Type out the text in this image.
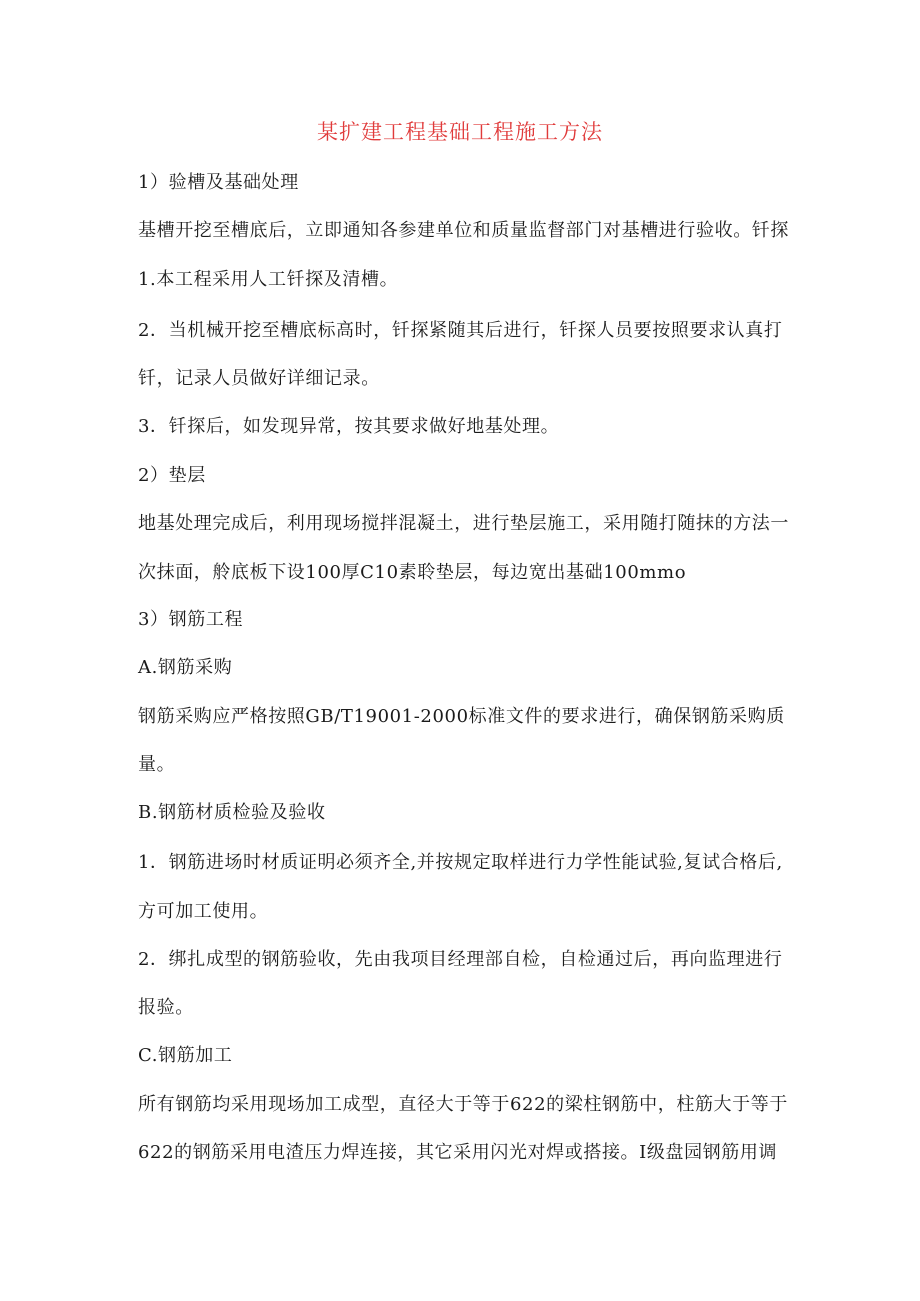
某扩建工程基础工程施工方法

1）验槽及基础处理

基槽开挖至槽底后，立即通知各参建单位和质量监督部门对基槽进行验收。钎探

1.本工程采用人工钎探及清槽。

2．当机械开挖至槽底标高时，钎探紧随其后进行，钎探人员要按照要求认真打

钎，记录人员做好详细记录。

3．钎探后，如发现异常，按其要求做好地基处理。

2）垫层

地基处理完成后，利用现场搅拌混凝土，进行垫层施工，采用随打随抹的方法一

次抹面，舲底板下设100厚C10素聆垫层，每边宽出基础100mmo

3）钢筋工程

A.钢筋采购

钢筋采购应严格按照GB/T19001-2000标准文件的要求进行，确保钢筋采购质

量。

B.钢筋材质检验及验收

1．钢筋进场时材质证明必须齐全,并按规定取样进行力学性能试验,复试合格后,

方可加工使用。

2．绑扎成型的钢筋验收，先由我项目经理部自检，自检通过后，再向监理进行

报验。

C.钢筋加工

所有钢筋均采用现场加工成型，直径大于等于622的梁柱钢筋中，柱筋大于等于

622的钢筋采用电渣压力焊连接，其它采用闪光对焊或搭接。I级盘园钢筋用调
